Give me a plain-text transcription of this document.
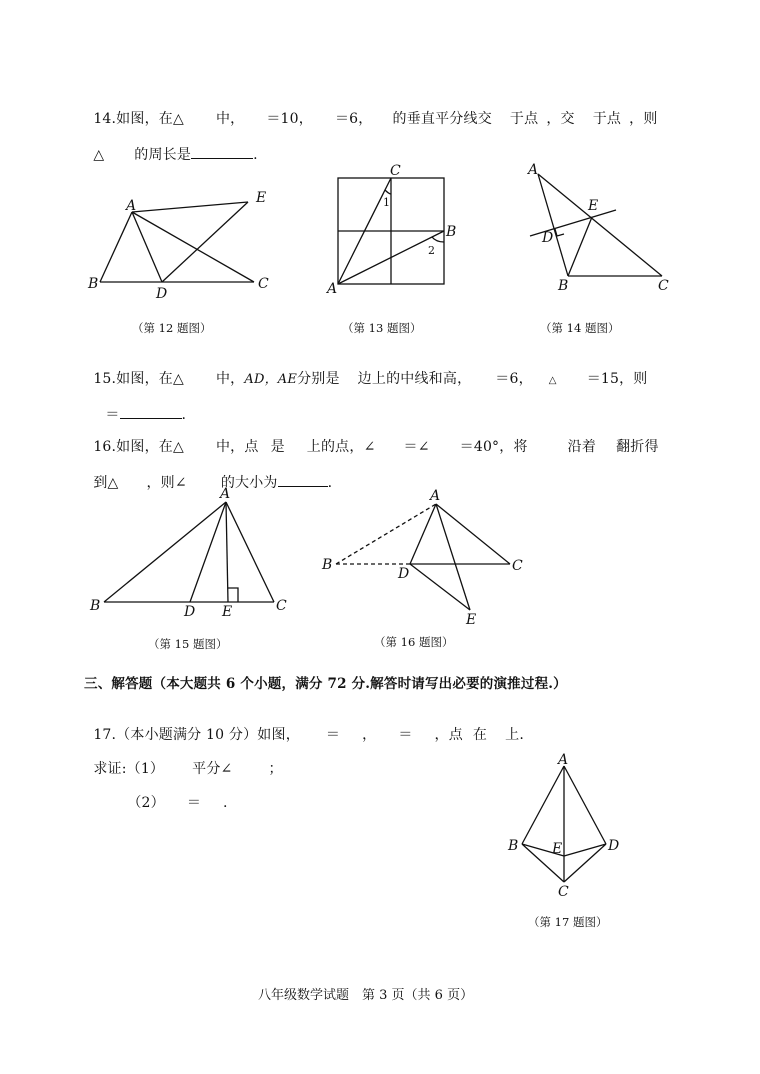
14.如图，在△ 中， ＝10， ＝6， 的垂直平分线交 于点 ，交 于点 ，则

△ 的周长是	.

A	E
B
D
C
（第 12 题图）
C
B
A
1
2
（第 13 题图）
A
E
D
B	C
（第 14 题图）

15.如图，在△ 中，AD，AE分别是 边上的中线和高， ＝6， △ ＝15，则

＝	.

16.如图，在△ 中，点 是 上的点，∠ ＝∠ ＝40°，将	沿着 翻折得

到△ ，则∠ 的大小为	.

A
B	D E	C
（第 15 题图）
A
B
D	C
E
（第 16 题图）
三、解答题（本大题共 6 个小题，满分 72 分.解答时请写出必要的演推过程.）

17.（本小题满分 10 分）如图， ＝ ， ＝ ，点 在 上.

求证:（1） 平分∠	；

（2） ＝ .

A
B E	D
C
（第 17 题图）
八年级数学试题　第 3 页（共 6 页）
